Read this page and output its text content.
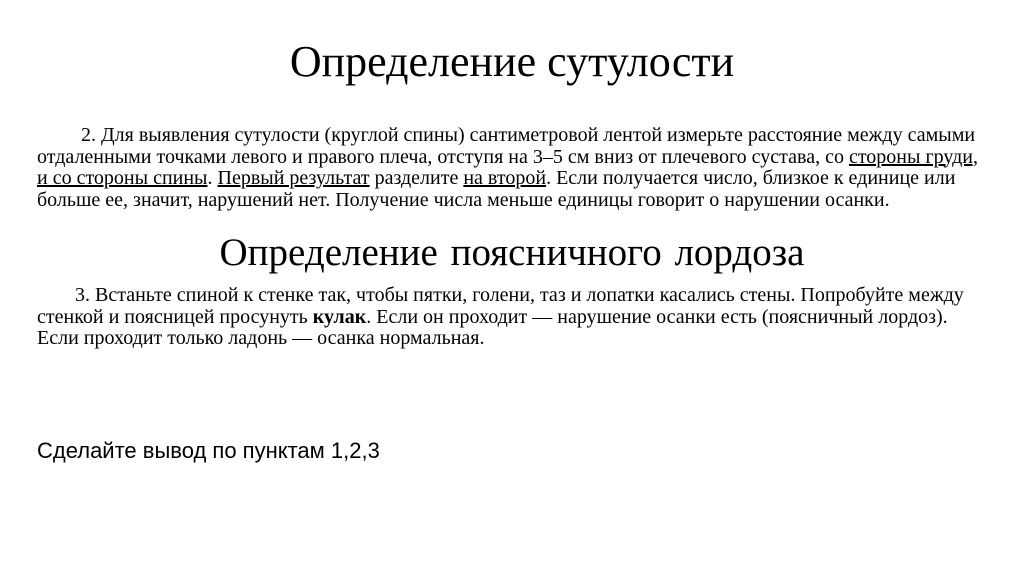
Определение сутулости

2. Для выявления сутулости (круглой спины) сантиметровой лентой измерьте расстояние между самыми отдаленными точками левого и правого плеча, отступя на 3–5 см вниз от плечевого сустава, со стороны груди, и со стороны спины. Первый результат разделите на второй. Если получается число, близкое к единице или больше ее, значит, нарушений нет. Получение числа меньше единицы говорит о нарушении осанки.

Определение поясничного лордоза

3. Встаньте спиной к стенке так, чтобы пятки, голени, таз и лопатки касались стены. Попробуйте между стенкой и поясницей просунуть кулак. Если он проходит — нарушение осанки есть (поясничный лордоз). Если проходит только ладонь — осанка нормальная.

Сделайте вывод по пунктам 1,2,3
